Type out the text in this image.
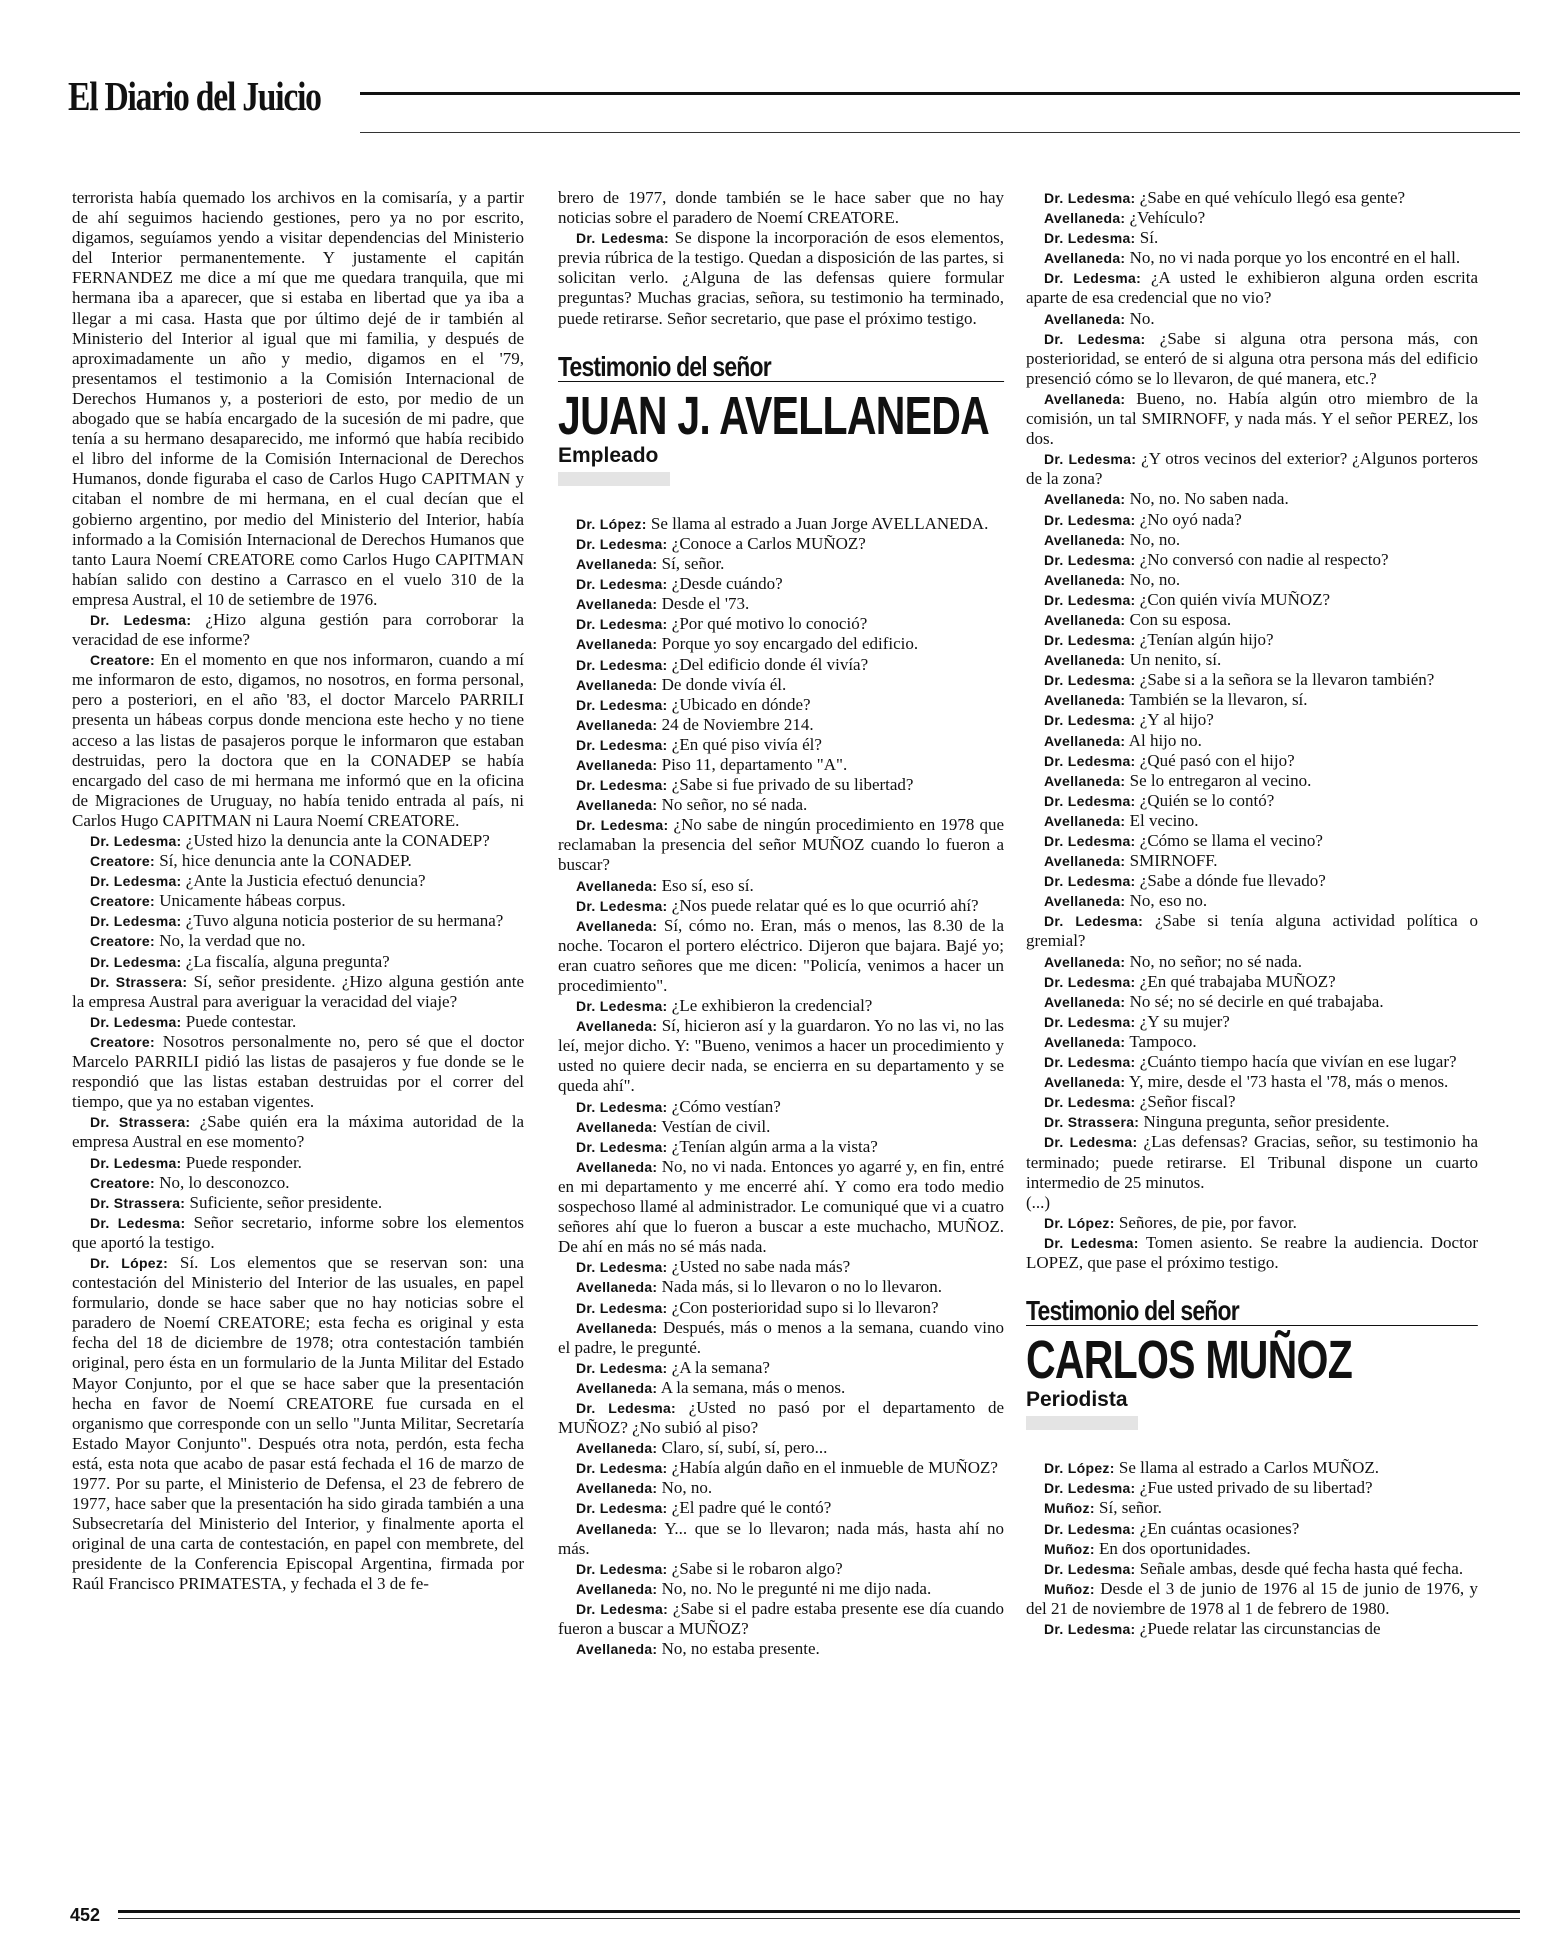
El Diario del Juicio

terrorista había quemado los archivos en la comisaría, y a partir de ahí seguimos haciendo gestiones, pero ya no por escrito, digamos, seguíamos yendo a visitar dependencias del Ministerio del Interior permanentemente. Y justamente el capitán FERNANDEZ me dice a mí que me quedara tranquila, que mi hermana iba a aparecer, que si estaba en libertad que ya iba a llegar a mi casa. Hasta que por último dejé de ir también al Ministerio del Interior al igual que mi familia, y después de aproximadamente un año y medio, digamos en el '79, presentamos el testimonio a la Comisión Internacional de Derechos Humanos y, a posteriori de esto, por medio de un abogado que se había encargado de la sucesión de mi padre, que tenía a su hermano desaparecido, me informó que había recibido el libro del informe de la Comisión Internacional de Derechos Humanos, donde figuraba el caso de Carlos Hugo CAPITMAN y citaban el nombre de mi hermana, en el cual decían que el gobierno argentino, por medio del Ministerio del Interior, había informado a la Comisión Internacional de Derechos Humanos que tanto Laura Noemí CREATORE como Carlos Hugo CAPITMAN habían salido con destino a Carrasco en el vuelo 310 de la empresa Austral, el 10 de setiembre de 1976.

Dr. Ledesma: ¿Hizo alguna gestión para corroborar la veracidad de ese informe?

Creatore: En el momento en que nos informaron, cuando a mí me informaron de esto, digamos, no nosotros, en forma personal, pero a posteriori, en el año '83, el doctor Marcelo PARRILI presenta un hábeas corpus donde menciona este hecho y no tiene acceso a las listas de pasajeros porque le informaron que estaban destruidas, pero la doctora que en la CONADEP se había encargado del caso de mi hermana me informó que en la oficina de Migraciones de Uruguay, no había tenido entrada al país, ni Carlos Hugo CAPITMAN ni Laura Noemí CREATORE.

Dr. Ledesma: ¿Usted hizo la denuncia ante la CONADEP?

Creatore: Sí, hice denuncia ante la CONADEP.

Dr. Ledesma: ¿Ante la Justicia efectuó denuncia?

Creatore: Unicamente hábeas corpus.

Dr. Ledesma: ¿Tuvo alguna noticia posterior de su hermana?

Creatore: No, la verdad que no.

Dr. Ledesma: ¿La fiscalía, alguna pregunta?

Dr. Strassera: Sí, señor presidente. ¿Hizo alguna gestión ante la empresa Austral para averiguar la veracidad del viaje?

Dr. Ledesma: Puede contestar.

Creatore: Nosotros personalmente no, pero sé que el doctor Marcelo PARRILI pidió las listas de pasajeros y fue donde se le respondió que las listas estaban destruidas por el correr del tiempo, que ya no estaban vigentes.

Dr. Strassera: ¿Sabe quién era la máxima autoridad de la empresa Austral en ese momento?

Dr. Ledesma: Puede responder.

Creatore: No, lo desconozco.

Dr. Strassera: Suficiente, señor presidente.

Dr. Ledesma: Señor secretario, informe sobre los elementos que aportó la testigo.

Dr. López: Sí. Los elementos que se reservan son: una contestación del Ministerio del Interior de las usuales, en papel formulario, donde se hace saber que no hay noticias sobre el paradero de Noemí CREATORE; esta fecha es original y esta fecha del 18 de diciembre de 1978; otra contestación también original, pero ésta en un formulario de la Junta Militar del Estado Mayor Conjunto, por el que se hace saber que la presentación hecha en favor de Noemí CREATORE fue cursada en el organismo que corresponde con un sello "Junta Militar, Secretaría Estado Mayor Conjunto". Después otra nota, perdón, esta fecha está, esta nota que acabo de pasar está fechada el 16 de marzo de 1977. Por su parte, el Ministerio de Defensa, el 23 de febrero de 1977, hace saber que la presentación ha sido girada también a una Subsecretaría del Ministerio del Interior, y finalmente aporta el original de una carta de contestación, en papel con membrete, del presidente de la Conferencia Episcopal Argentina, firmada por Raúl Francisco PRIMATESTA, y fechada el 3 de fe-

brero de 1977, donde también se le hace saber que no hay noticias sobre el paradero de Noemí CREATORE.

Dr. Ledesma: Se dispone la incorporación de esos elementos, previa rúbrica de la testigo. Quedan a disposición de las partes, si solicitan verlo. ¿Alguna de las defensas quiere formular preguntas? Muchas gracias, señora, su testimonio ha terminado, puede retirarse. Señor secretario, que pase el próximo testigo.

Testimonio del señor
JUAN J. AVELLANEDA
Empleado

Dr. López: Se llama al estrado a Juan Jorge AVELLANEDA.

Dr. Ledesma: ¿Conoce a Carlos MUÑOZ?

Avellaneda: Sí, señor.

Dr. Ledesma: ¿Desde cuándo?

Avellaneda: Desde el '73.

Dr. Ledesma: ¿Por qué motivo lo conoció?

Avellaneda: Porque yo soy encargado del edificio.

Dr. Ledesma: ¿Del edificio donde él vivía?

Avellaneda: De donde vivía él.

Dr. Ledesma: ¿Ubicado en dónde?

Avellaneda: 24 de Noviembre 214.

Dr. Ledesma: ¿En qué piso vivía él?

Avellaneda: Piso 11, departamento "A".

Dr. Ledesma: ¿Sabe si fue privado de su libertad?

Avellaneda: No señor, no sé nada.

Dr. Ledesma: ¿No sabe de ningún procedimiento en 1978 que reclamaban la presencia del señor MUÑOZ cuando lo fueron a buscar?

Avellaneda: Eso sí, eso sí.

Dr. Ledesma: ¿Nos puede relatar qué es lo que ocurrió ahí?

Avellaneda: Sí, cómo no. Eran, más o menos, las 8.30 de la noche. Tocaron el portero eléctrico. Dijeron que bajara. Bajé yo; eran cuatro señores que me dicen: "Policía, venimos a hacer un procedimiento".

Dr. Ledesma: ¿Le exhibieron la credencial?

Avellaneda: Sí, hicieron así y la guardaron. Yo no las vi, no las leí, mejor dicho. Y: "Bueno, venimos a hacer un procedimiento y usted no quiere decir nada, se encierra en su departamento y se queda ahí".

Dr. Ledesma: ¿Cómo vestían?

Avellaneda: Vestían de civil.

Dr. Ledesma: ¿Tenían algún arma a la vista?

Avellaneda: No, no vi nada. Entonces yo agarré y, en fin, entré en mi departamento y me encerré ahí. Y como era todo medio sospechoso llamé al administrador. Le comuniqué que vi a cuatro señores ahí que lo fueron a buscar a este muchacho, MUÑOZ. De ahí en más no sé más nada.

Dr. Ledesma: ¿Usted no sabe nada más?

Avellaneda: Nada más, si lo llevaron o no lo llevaron.

Dr. Ledesma: ¿Con posterioridad supo si lo llevaron?

Avellaneda: Después, más o menos a la semana, cuando vino el padre, le pregunté.

Dr. Ledesma: ¿A la semana?

Avellaneda: A la semana, más o menos.

Dr. Ledesma: ¿Usted no pasó por el departamento de MUÑOZ? ¿No subió al piso?

Avellaneda: Claro, sí, subí, sí, pero...

Dr. Ledesma: ¿Había algún daño en el inmueble de MUÑOZ?

Avellaneda: No, no.

Dr. Ledesma: ¿El padre qué le contó?

Avellaneda: Y... que se lo llevaron; nada más, hasta ahí no más.

Dr. Ledesma: ¿Sabe si le robaron algo?

Avellaneda: No, no. No le pregunté ni me dijo nada.

Dr. Ledesma: ¿Sabe si el padre estaba presente ese día cuando fueron a buscar a MUÑOZ?

Avellaneda: No, no estaba presente.

Dr. Ledesma: ¿Sabe en qué vehículo llegó esa gente?

Avellaneda: ¿Vehículo?

Dr. Ledesma: Sí.

Avellaneda: No, no vi nada porque yo los encontré en el hall.

Dr. Ledesma: ¿A usted le exhibieron alguna orden escrita aparte de esa credencial que no vio?

Avellaneda: No.

Dr. Ledesma: ¿Sabe si alguna otra persona más, con posterioridad, se enteró de si alguna otra persona más del edificio presenció cómo se lo llevaron, de qué manera, etc.?

Avellaneda: Bueno, no. Había algún otro miembro de la comisión, un tal SMIRNOFF, y nada más. Y el señor PEREZ, los dos.

Dr. Ledesma: ¿Y otros vecinos del exterior? ¿Algunos porteros de la zona?

Avellaneda: No, no. No saben nada.

Dr. Ledesma: ¿No oyó nada?

Avellaneda: No, no.

Dr. Ledesma: ¿No conversó con nadie al respecto?

Avellaneda: No, no.

Dr. Ledesma: ¿Con quién vivía MUÑOZ?

Avellaneda: Con su esposa.

Dr. Ledesma: ¿Tenían algún hijo?

Avellaneda: Un nenito, sí.

Dr. Ledesma: ¿Sabe si a la señora se la llevaron también?

Avellaneda: También se la llevaron, sí.

Dr. Ledesma: ¿Y al hijo?

Avellaneda: Al hijo no.

Dr. Ledesma: ¿Qué pasó con el hijo?

Avellaneda: Se lo entregaron al vecino.

Dr. Ledesma: ¿Quién se lo contó?

Avellaneda: El vecino.

Dr. Ledesma: ¿Cómo se llama el vecino?

Avellaneda: SMIRNOFF.

Dr. Ledesma: ¿Sabe a dónde fue llevado?

Avellaneda: No, eso no.

Dr. Ledesma: ¿Sabe si tenía alguna actividad política o gremial?

Avellaneda: No, no señor; no sé nada.

Dr. Ledesma: ¿En qué trabajaba MUÑOZ?

Avellaneda: No sé; no sé decirle en qué trabajaba.

Dr. Ledesma: ¿Y su mujer?

Avellaneda: Tampoco.

Dr. Ledesma: ¿Cuánto tiempo hacía que vivían en ese lugar?

Avellaneda: Y, mire, desde el '73 hasta el '78, más o menos.

Dr. Ledesma: ¿Señor fiscal?

Dr. Strassera: Ninguna pregunta, señor presidente.

Dr. Ledesma: ¿Las defensas? Gracias, señor, su testimonio ha terminado; puede retirarse. El Tribunal dispone un cuarto intermedio de 25 minutos.

(...)

Dr. López: Señores, de pie, por favor.

Dr. Ledesma: Tomen asiento. Se reabre la audiencia. Doctor LOPEZ, que pase el próximo testigo.

Testimonio del señor
CARLOS MUÑOZ
Periodista

Dr. López: Se llama al estrado a Carlos MUÑOZ.

Dr. Ledesma: ¿Fue usted privado de su libertad?

Muñoz: Sí, señor.

Dr. Ledesma: ¿En cuántas ocasiones?

Muñoz: En dos oportunidades.

Dr. Ledesma: Señale ambas, desde qué fecha hasta qué fecha.

Muñoz: Desde el 3 de junio de 1976 al 15 de junio de 1976, y del 21 de noviembre de 1978 al 1 de febrero de 1980.

Dr. Ledesma: ¿Puede relatar las circunstancias de

452
